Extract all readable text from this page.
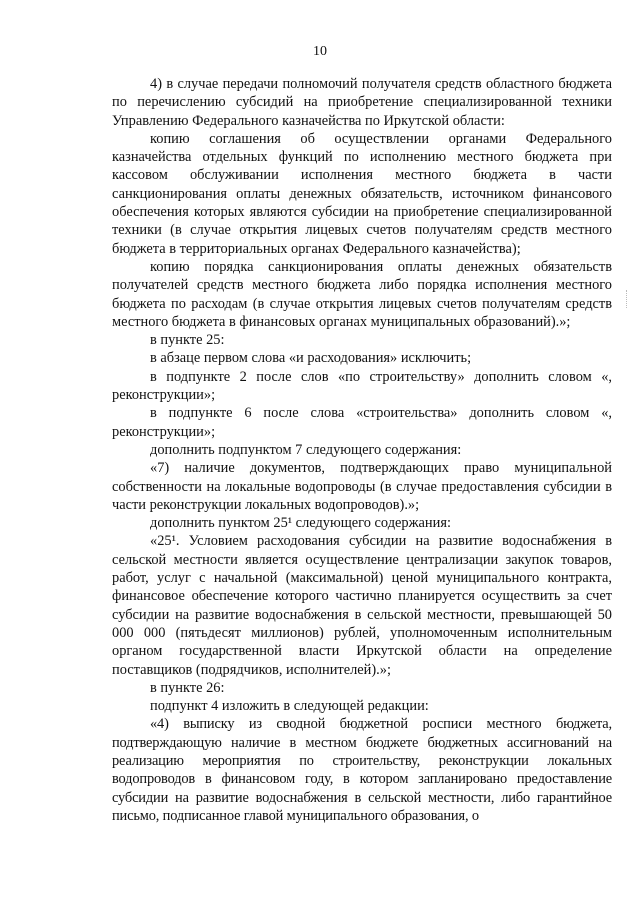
10

4) в случае передачи полномочий получателя средств областного бюджета по перечислению субсидий на приобретение специализированной техники Управлению Федерального казначейства по Иркутской области:

копию соглашения об осуществлении органами Федерального казначейства отдельных функций по исполнению местного бюджета при кассовом обслуживании исполнения местного бюджета в части санкционирования оплаты денежных обязательств, источником финансового обеспечения которых являются субсидии на приобретение специализированной техники (в случае открытия лицевых счетов получателям средств местного бюджета в территориальных органах Федерального казначейства);

копию порядка санкционирования оплаты денежных обязательств получателей средств местного бюджета либо порядка исполнения местного бюджета по расходам (в случае открытия лицевых счетов получателям средств местного бюджета в финансовых органах муниципальных образований).»;

в пункте 25:

в абзаце первом слова «и расходования» исключить;

в подпункте 2 после слов «по строительству» дополнить словом «, реконструкции»;

в подпункте 6 после слова «строительства» дополнить словом «, реконструкции»;

дополнить подпунктом 7 следующего содержания:

«7) наличие документов, подтверждающих право муниципальной собственности на локальные водопроводы (в случае предоставления субсидии в части реконструкции локальных водопроводов).»;

дополнить пунктом 25¹ следующего содержания:

«25¹. Условием расходования субсидии на развитие водоснабжения в сельской местности является осуществление централизации закупок товаров, работ, услуг с начальной (максимальной) ценой муниципального контракта, финансовое обеспечение которого частично планируется осуществить за счет субсидии на развитие водоснабжения в сельской местности, превышающей 50 000 000 (пятьдесят миллионов) рублей, уполномоченным исполнительным органом государственной власти Иркутской области на определение поставщиков (подрядчиков, исполнителей).»;

в пункте 26:

подпункт 4 изложить в следующей редакции:

«4) выписку из сводной бюджетной росписи местного бюджета, подтверждающую наличие в местном бюджете бюджетных ассигнований на реализацию мероприятия по строительству, реконструкции локальных водопроводов в финансовом году, в котором запланировано предоставление субсидии на развитие водоснабжения в сельской местности, либо гарантийное письмо, подписанное главой муниципального образования, о
